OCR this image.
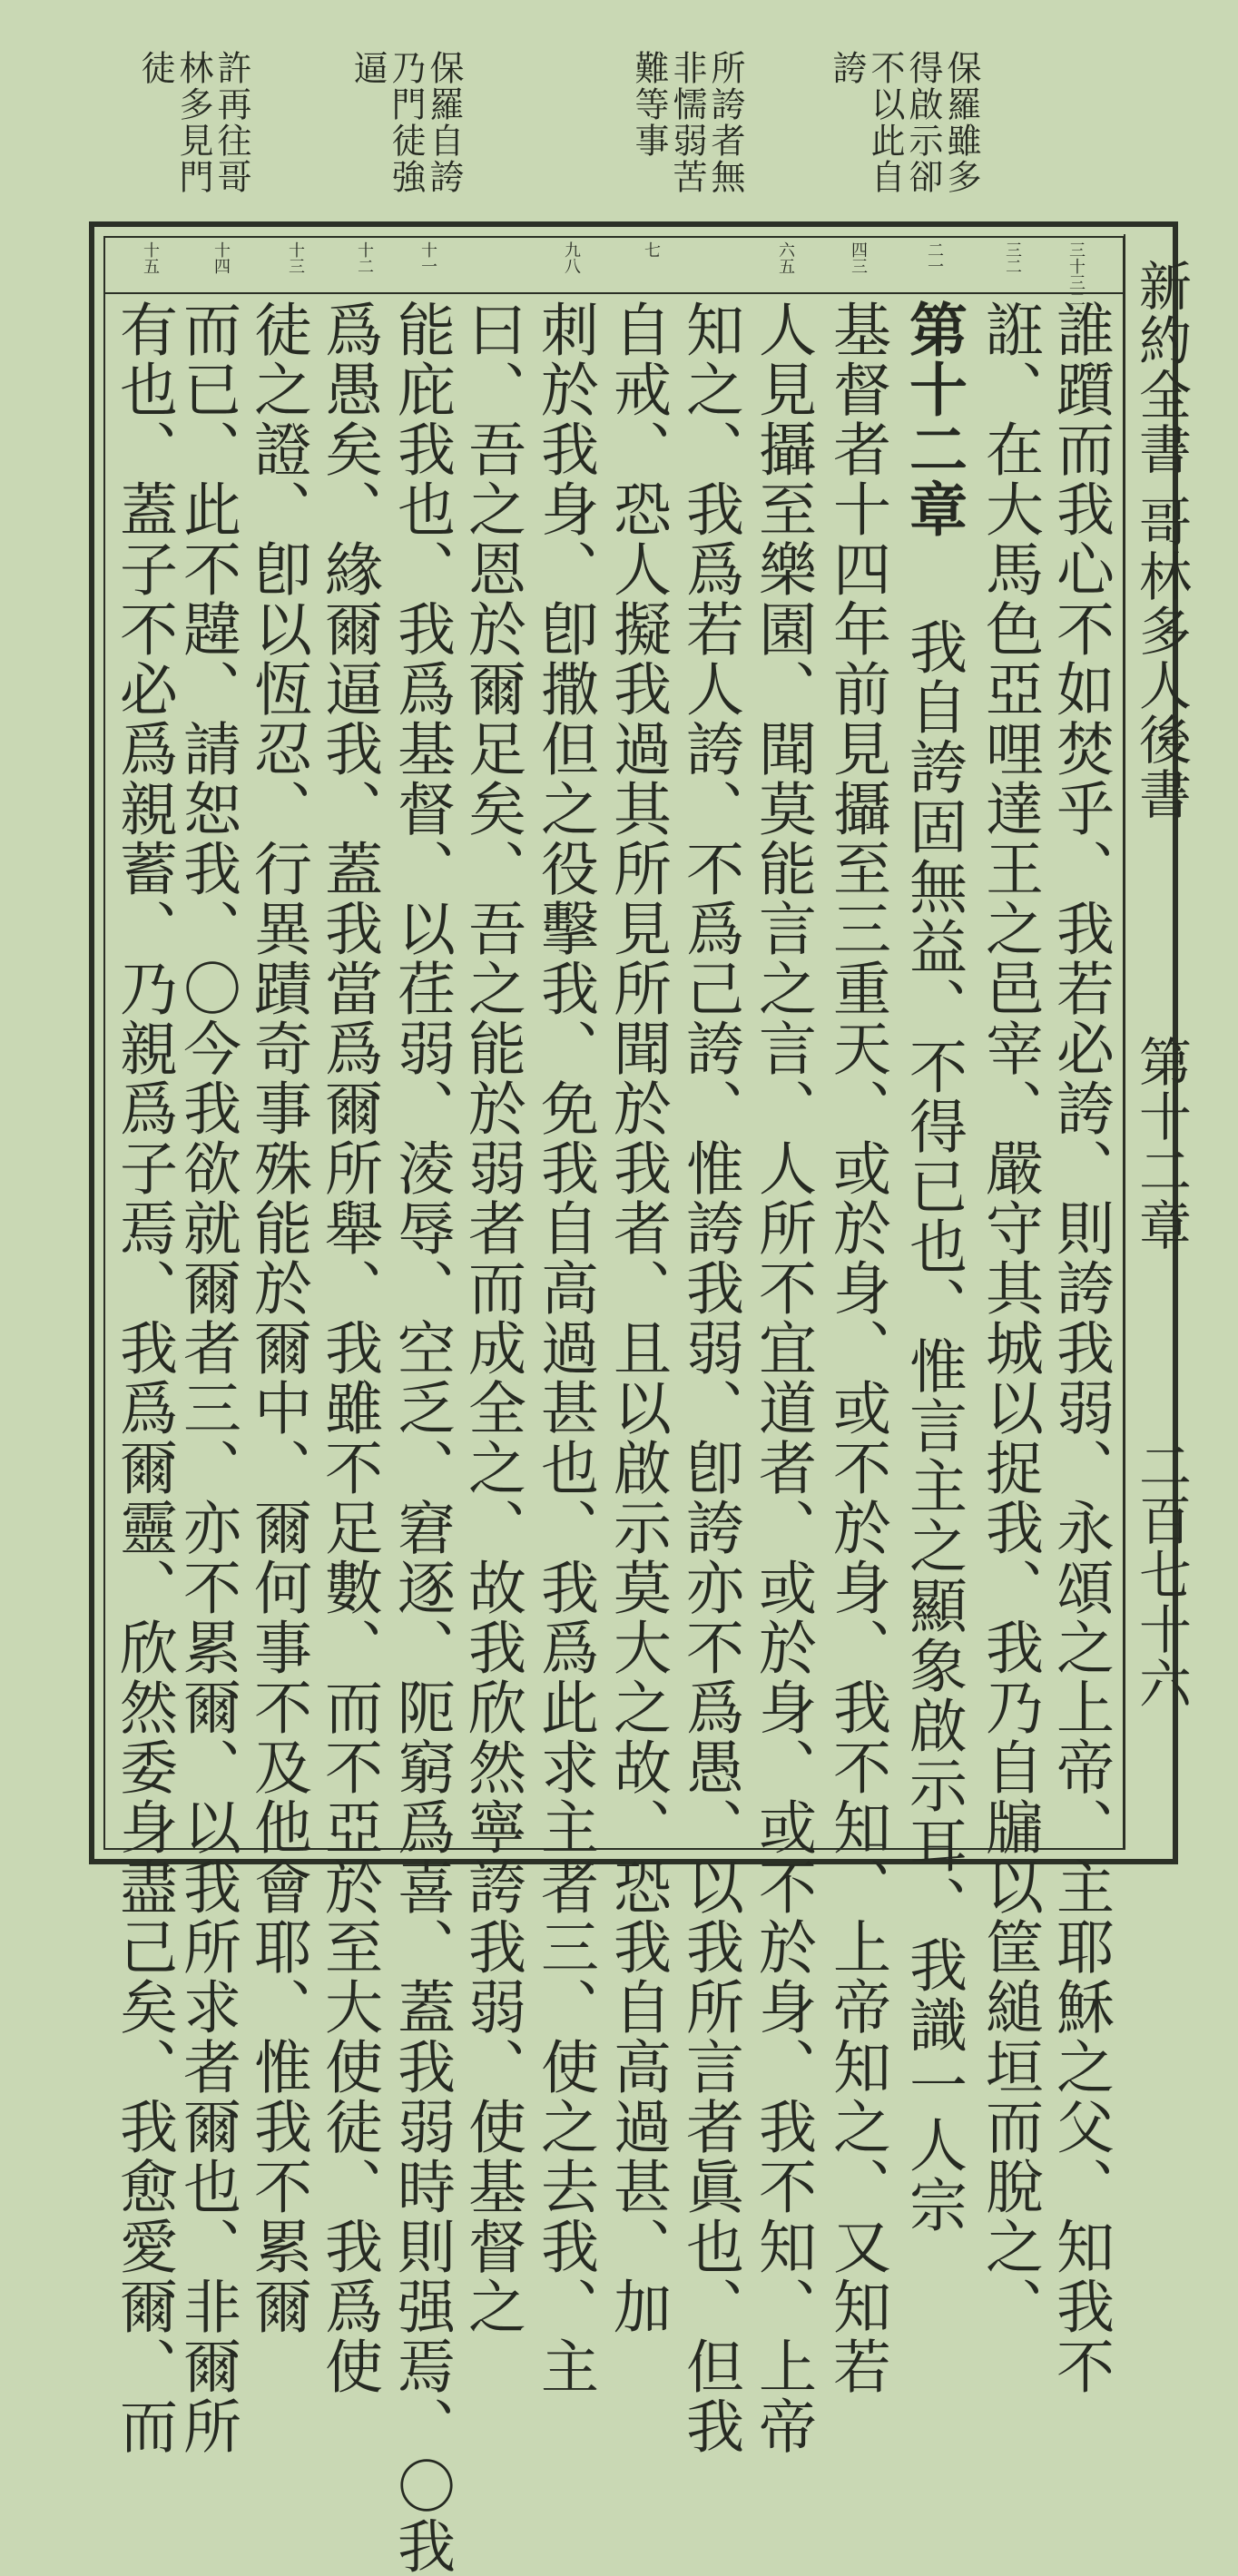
保羅雖多
得啟示卻
不以此自
誇
所誇者無
非懦弱苦
難等事
保羅自誇
乃門徒強
逼
許再往哥
林多見門
徒
新約全書
哥林多人後書
第十二章
二百七十六
三十三二
三二
二一
四三
六五
七
九八
十一
十二
十三
十四
十五
誰躓而我心不如焚乎、我若必誇、則誇我弱、永頌之上帝、主耶穌之父、知我不
誑、在大馬色亞哩達王之邑宰、嚴守其城以捉我、我乃自牖以筐縋垣而脫之、
基督者十四年前見攝至三重天、或於身、或不於身、我不知、上帝知之、又知若
人見攝至樂園、聞莫能言之言、人所不宜道者、或於身、或不於身、我不知、上帝
知之、我爲若人誇、不爲己誇、惟誇我弱、卽誇亦不爲愚、以我所言者眞也、但我
自戒、恐人擬我過其所見所聞於我者、且以啟示莫大之故、恐我自高過甚、加
刺於我身、卽撒但之役擊我、免我自高過甚也、我爲此求主者三、使之去我、主
曰、吾之恩於爾足矣、吾之能於弱者而成全之、故我欣然寧誇我弱、使基督之
能庇我也、我爲基督、以荏弱、淩辱、空乏、窘逐、阨窮爲喜、蓋我弱時則强焉、〇我
爲愚矣、緣爾逼我、蓋我當爲爾所舉、我雖不足數、而不亞於至大使徒、我爲使
徒之證、卽以恆忍、行異蹟奇事殊能於爾中、爾何事不及他會耶、惟我不累爾
而已、此不韙、請恕我、〇今我欲就爾者三、亦不累爾、以我所求者爾也、非爾所
有也、蓋子不必爲親蓄、乃親爲子焉、我爲爾靈、欣然委身盡己矣、我愈愛爾、而	第十二章
我自誇固無益、不得已也、惟言主之顯象啟示耳、我識一人宗
